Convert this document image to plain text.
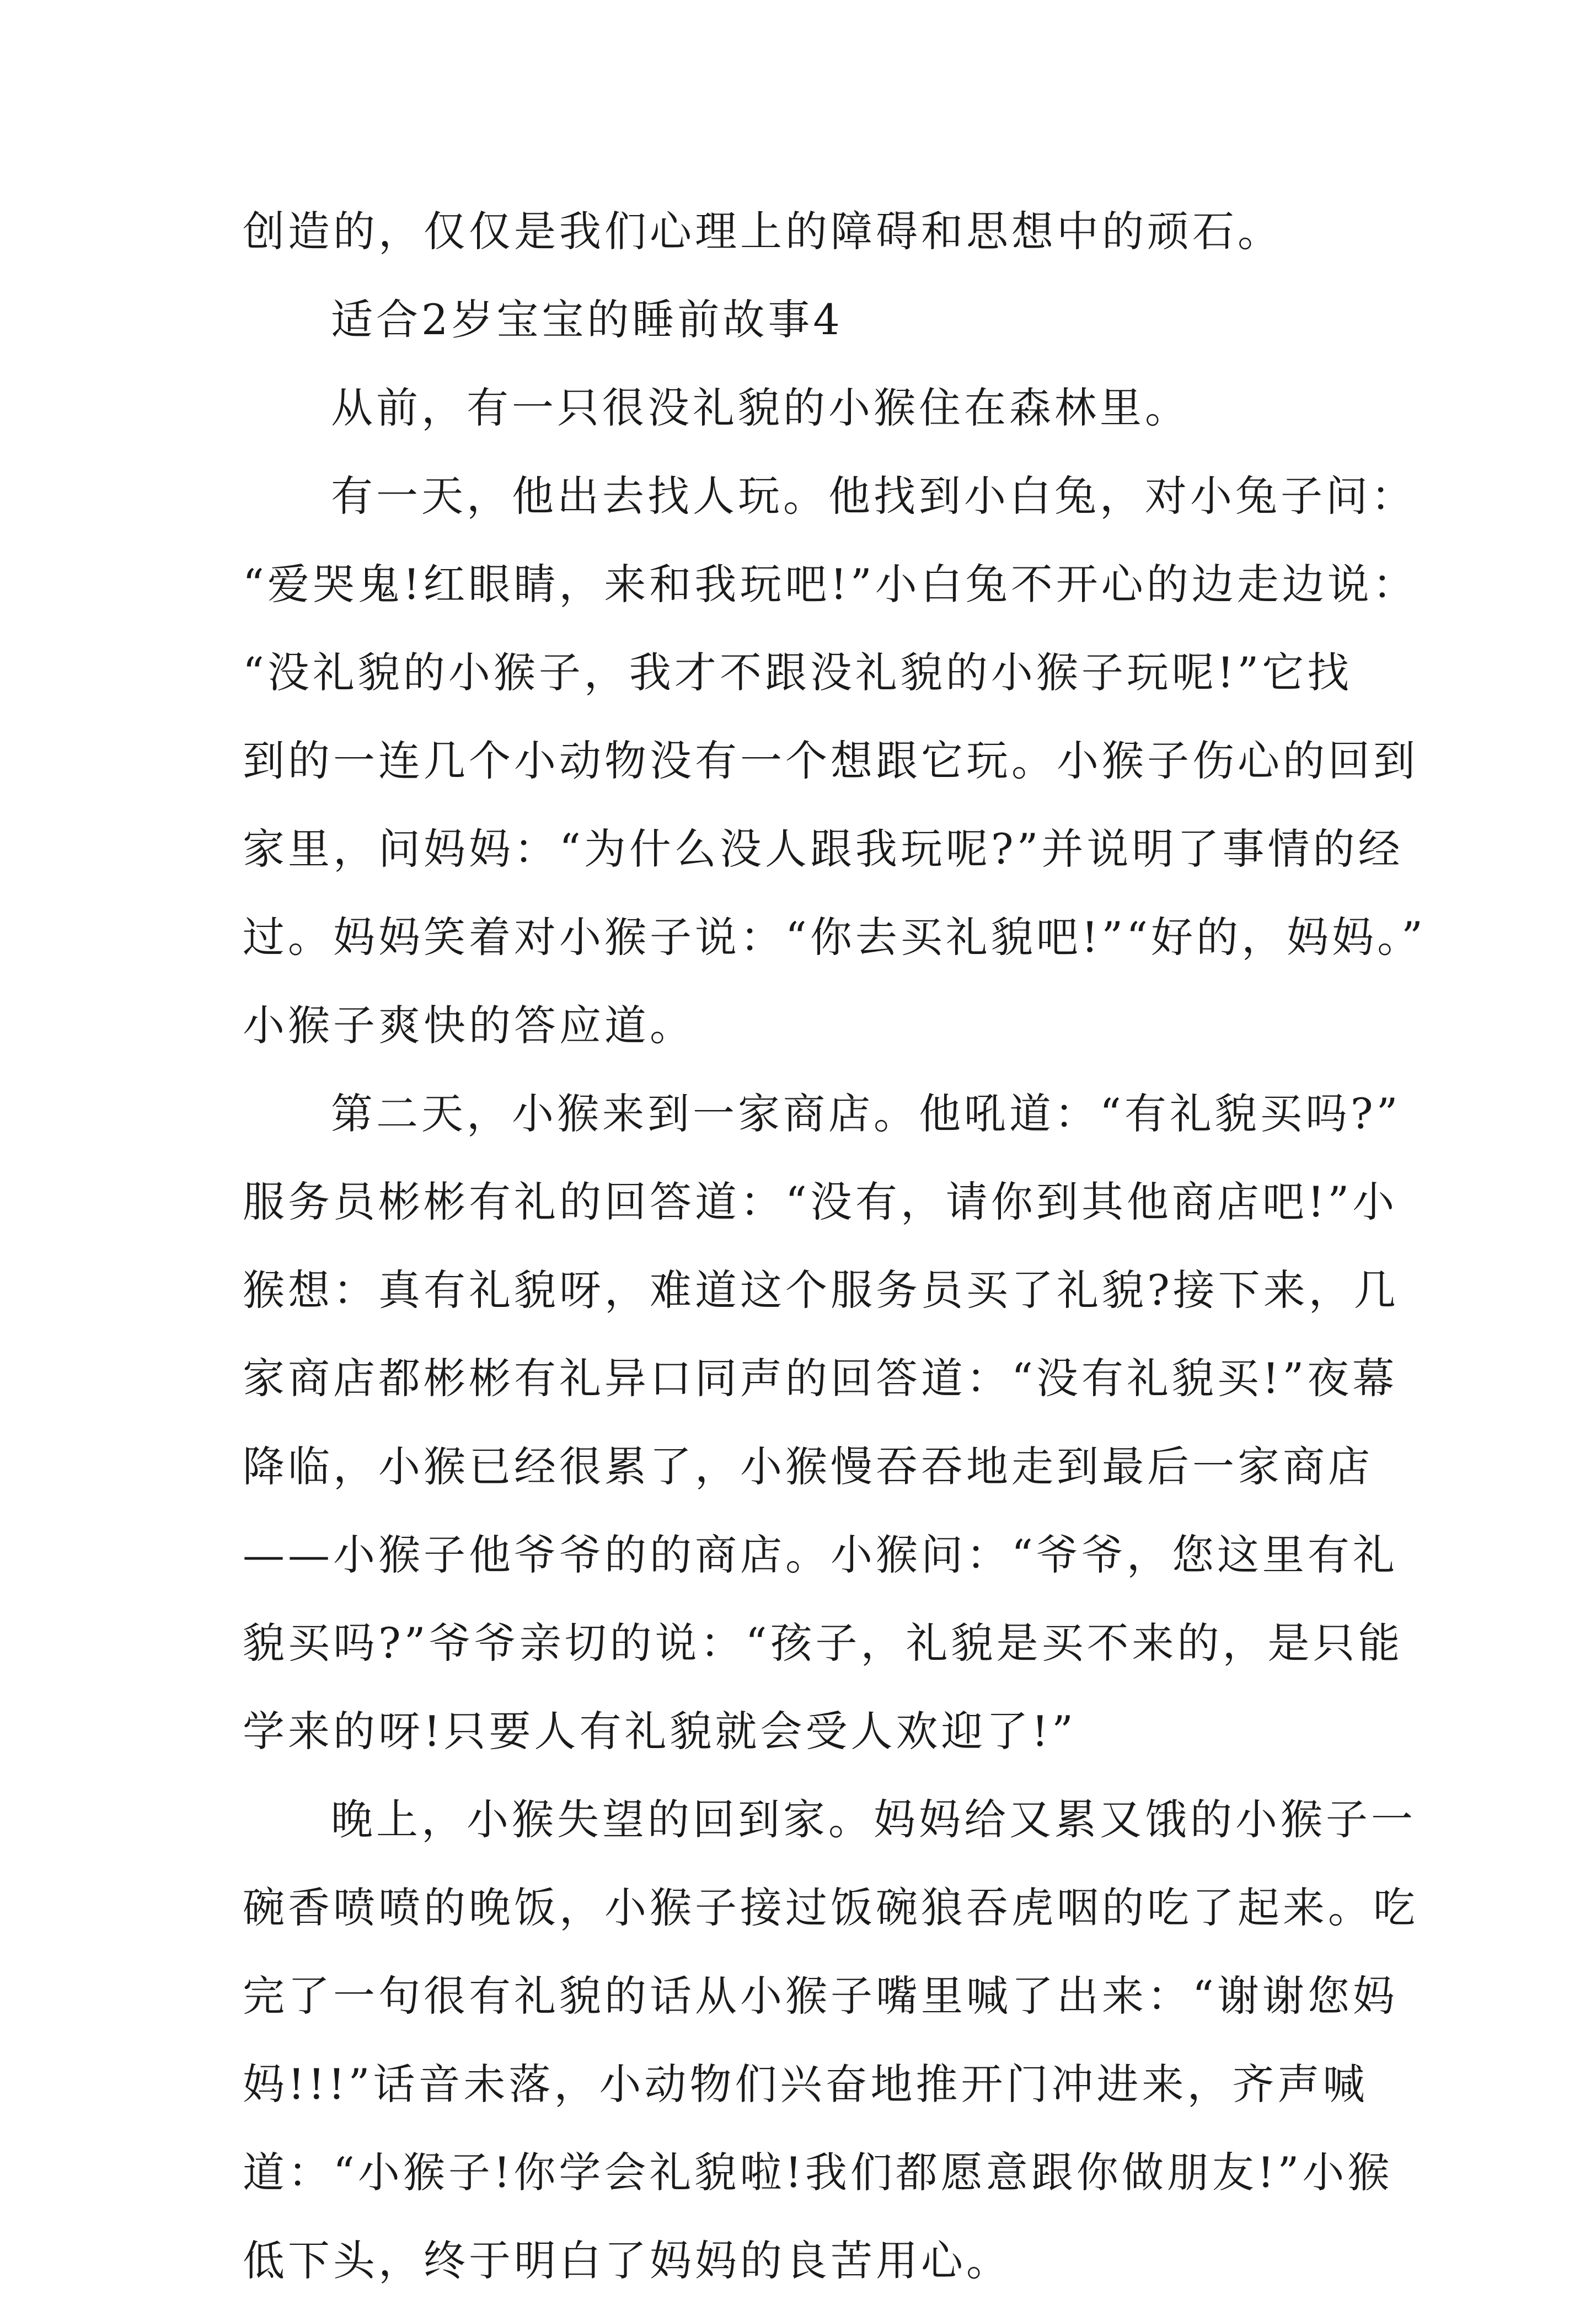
创造的，仅仅是我们心理上的障碍和思想中的顽石。
适合2岁宝宝的睡前故事4
从前，有一只很没礼貌的小猴住在森林里。
有一天，他出去找人玩。他找到小白兔，对小兔子问：
“爱哭鬼!红眼睛，来和我玩吧!”小白兔不开心的边走边说：
“没礼貌的小猴子，我才不跟没礼貌的小猴子玩呢!”它找
到的一连几个小动物没有一个想跟它玩。小猴子伤心的回到
家里，问妈妈：“为什么没人跟我玩呢?”并说明了事情的经
过。妈妈笑着对小猴子说：“你去买礼貌吧!”“好的，妈妈。”
小猴子爽快的答应道。
第二天，小猴来到一家商店。他吼道：“有礼貌买吗?”
服务员彬彬有礼的回答道：“没有，请你到其他商店吧!”小
猴想：真有礼貌呀，难道这个服务员买了礼貌?接下来，几
家商店都彬彬有礼异口同声的回答道：“没有礼貌买!”夜幕
降临，小猴已经很累了，小猴慢吞吞地走到最后一家商店
——小猴子他爷爷的的商店。小猴问：“爷爷，您这里有礼
貌买吗?”爷爷亲切的说：“孩子，礼貌是买不来的，是只能
学来的呀!只要人有礼貌就会受人欢迎了!”
晚上，小猴失望的回到家。妈妈给又累又饿的小猴子一
碗香喷喷的晚饭，小猴子接过饭碗狼吞虎咽的吃了起来。吃
完了一句很有礼貌的话从小猴子嘴里喊了出来：“谢谢您妈
妈!!!”话音未落，小动物们兴奋地推开门冲进来，齐声喊
道：“小猴子!你学会礼貌啦!我们都愿意跟你做朋友!”小猴
低下头，终于明白了妈妈的良苦用心。
